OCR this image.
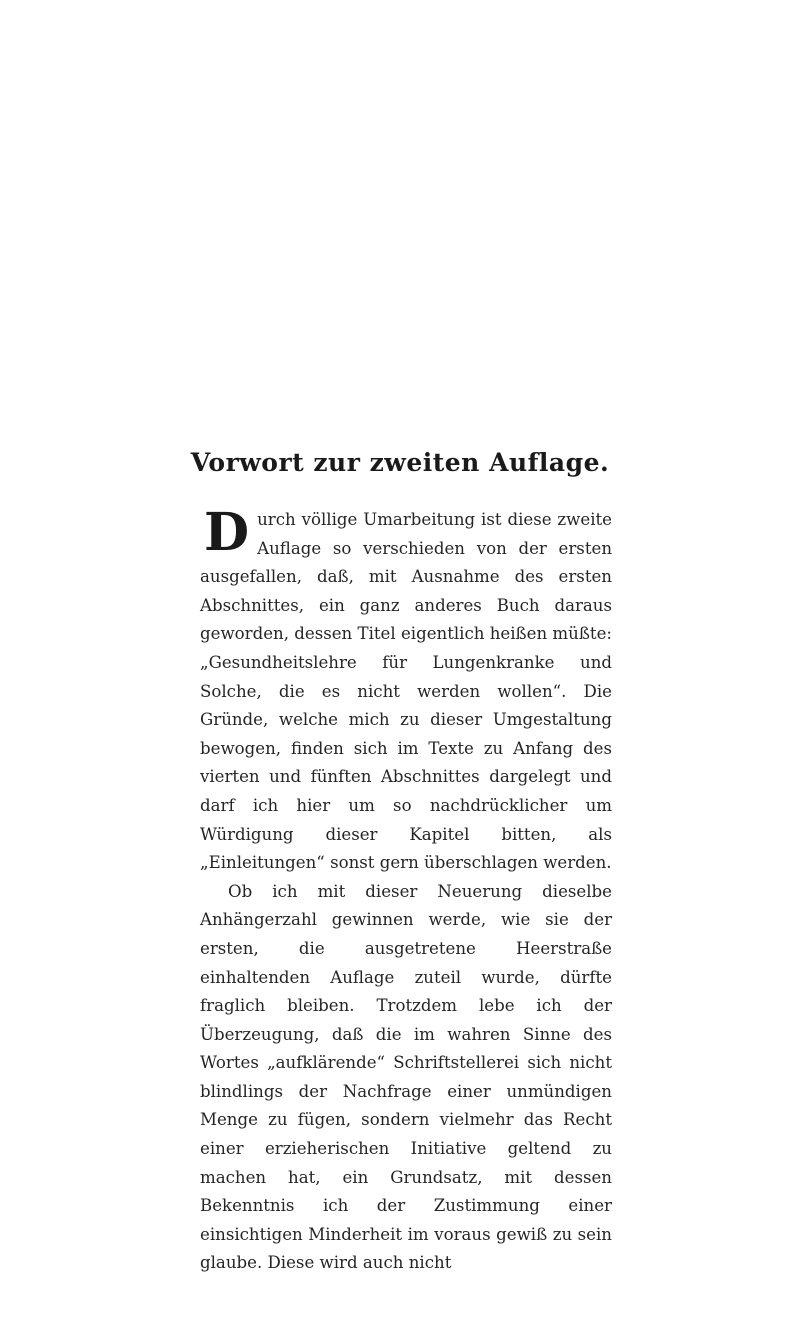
Vorwort zur zweiten Auflage.

Durch völlige Umarbeitung ist diese zweite Auflage so verschieden von der ersten ausgefallen, daß, mit Ausnahme des ersten Abschnittes, ein ganz anderes Buch daraus geworden, dessen Titel eigentlich heißen müßte: „Gesundheitslehre für Lungenkranke und Solche, die es nicht werden wollen“. Die Gründe, welche mich zu dieser Umgestaltung bewogen, finden sich im Texte zu Anfang des vierten und fünften Abschnittes dargelegt und darf ich hier um so nachdrücklicher um Würdigung dieser Kapitel bitten, als „Einleitungen“ sonst gern überschlagen werden.

Ob ich mit dieser Neuerung dieselbe Anhängerzahl gewinnen werde, wie sie der ersten, die ausgetretene Heerstraße einhaltenden Auflage zuteil wurde, dürfte fraglich bleiben. Trotzdem lebe ich der Überzeugung, daß die im wahren Sinne des Wortes „aufklärende“ Schriftstellerei sich nicht blindlings der Nachfrage einer unmündigen Menge zu fügen, sondern vielmehr das Recht einer erzieherischen Initiative geltend zu machen hat, ein Grundsatz, mit dessen Bekenntnis ich der Zustimmung einer einsichtigen Minderheit im voraus gewiß zu sein glaube. Diese wird auch nicht
